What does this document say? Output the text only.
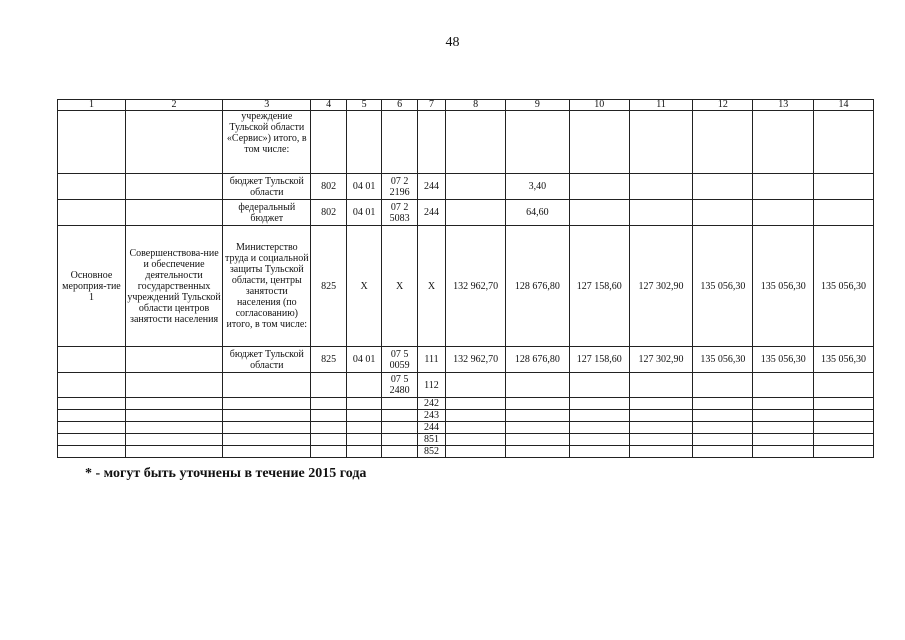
48
1	2	3	4	5	6	7	8	9	10	11	12	13	14
		учреждение Тульской области «Сервис») итого, в том числе:											
		бюджет Тульской области	802	04 01	07 2 2196	244		3,40					
		федеральный бюджет	802	04 01	07 2 5083	244		64,60					
Основное мероприя-тие 1	Совершенствова-ние и обеспечение деятельности государственных учреждений Тульской области центров занятости населения	Министерство труда и социальной защиты Тульской области, центры занятости населения (по согласованию) итого, в том числе:	825	Х	Х	Х	132 962,70	128 676,80	127 158,60	127 302,90	135 056,30	135 056,30	135 056,30
		бюджет Тульской области	825	04 01	07 5 0059	111	132 962,70	128 676,80	127 158,60	127 302,90	135 056,30	135 056,30	135 056,30
					07 5 2480	112							
						242							
						243							
						244							
						851							
						852							
* - могут быть уточнены в течение 2015 года
